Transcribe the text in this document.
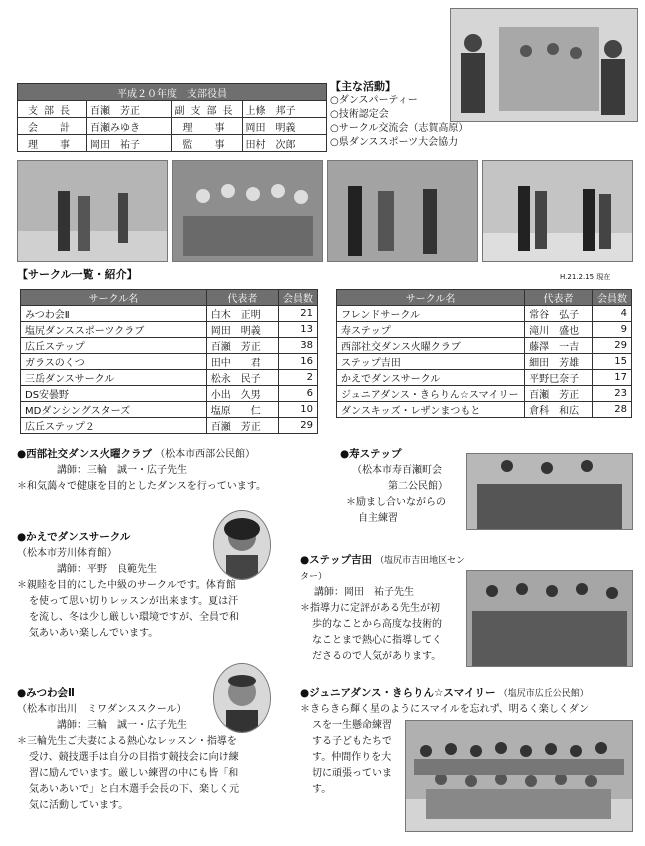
平成２０年度　支部役員			
支部長	百瀬　芳正	副支部長	上條　邦子
会　計	百瀬みゆき	理　事	岡田　明義
理　事	岡田　祐子	監　事	田村　次郎
【主な活動】
○ダンスパーティー
○技術認定会
○サークル交流会（志賀高原）
○県ダンススポーツ大会協力
【サークル一覧・紹介】	H.21.2.15 現在
サークル名	代表者	会員数
みつわ会Ⅱ	白木　正明	21
塩尻ダンススポーツクラブ	岡田　明義	13
広丘ステップ	百瀬　芳正	38
ガラスのくつ	田中　　君	16
三岳ダンスサークル	松永　民子	2
DS安曇野	小出　久男	6
MDダンシングスターズ	塩原　　仁	10
広丘ステップ２	百瀬　芳正	29
サークル名	代表者	会員数
フレンドサークル	常谷　弘子	4
寿ステップ	滝川　盛也	9
西部社交ダンス火曜クラブ	藤澤　一吉	29
ステップ吉田	細田　芳雄	15
かえでダンスサークル	平野巳奈子	17
ジュニアダンス・きらりん☆スマイリー	百瀬　芳正	23
ダンスキッズ・レザンまつもと	倉科　和広	28
●西部社交ダンス火曜クラブ （松本市西部公民館）
講師：三輪　誠一・広子先生
＊和気藹々で健康を目的としたダンスを行っています。
●寿ステップ
（松本市寿百瀬町会
第二公民館）
＊励まし合いながらの
自主練習
●かえでダンスサークル
（松本市芳川体育館）
講師：平野　良範先生
＊親睦を目的にした中級のサークルです。体育館
を使って思い切りレッスンが出来ます。夏は汗
を流し、冬は少し厳しい環境ですが、全員で和
気あいあい楽しんでいます。
●ステップ吉田 （塩尻市吉田地区センター）
講師：岡田　祐子先生
＊指導力に定評がある先生が初
歩的なことから高度な技術的
なことまで熱心に指導してく
ださるので人気があります。
●みつわ会Ⅱ
（松本市出川　ミワダンススクール）
講師：三輪　誠一・広子先生
＊三輪先生ご夫妻による熱心なレッスン・指導を
受け、競技選手は自分の目指す競技会に向け練
習に励んでいます。厳しい練習の中にも皆「和
気あいあいで」と白木選手会長の下、楽しく元
気に活動しています。
●ジュニアダンス・きらりん☆スマイリー （塩尻市広丘公民館）
＊きらきら輝く星のようにスマイルを忘れず、明るく楽しくダン
スを一生懸命練習
する子どもたちで
す。仲間作りを大
切に頑張っていま
す。
